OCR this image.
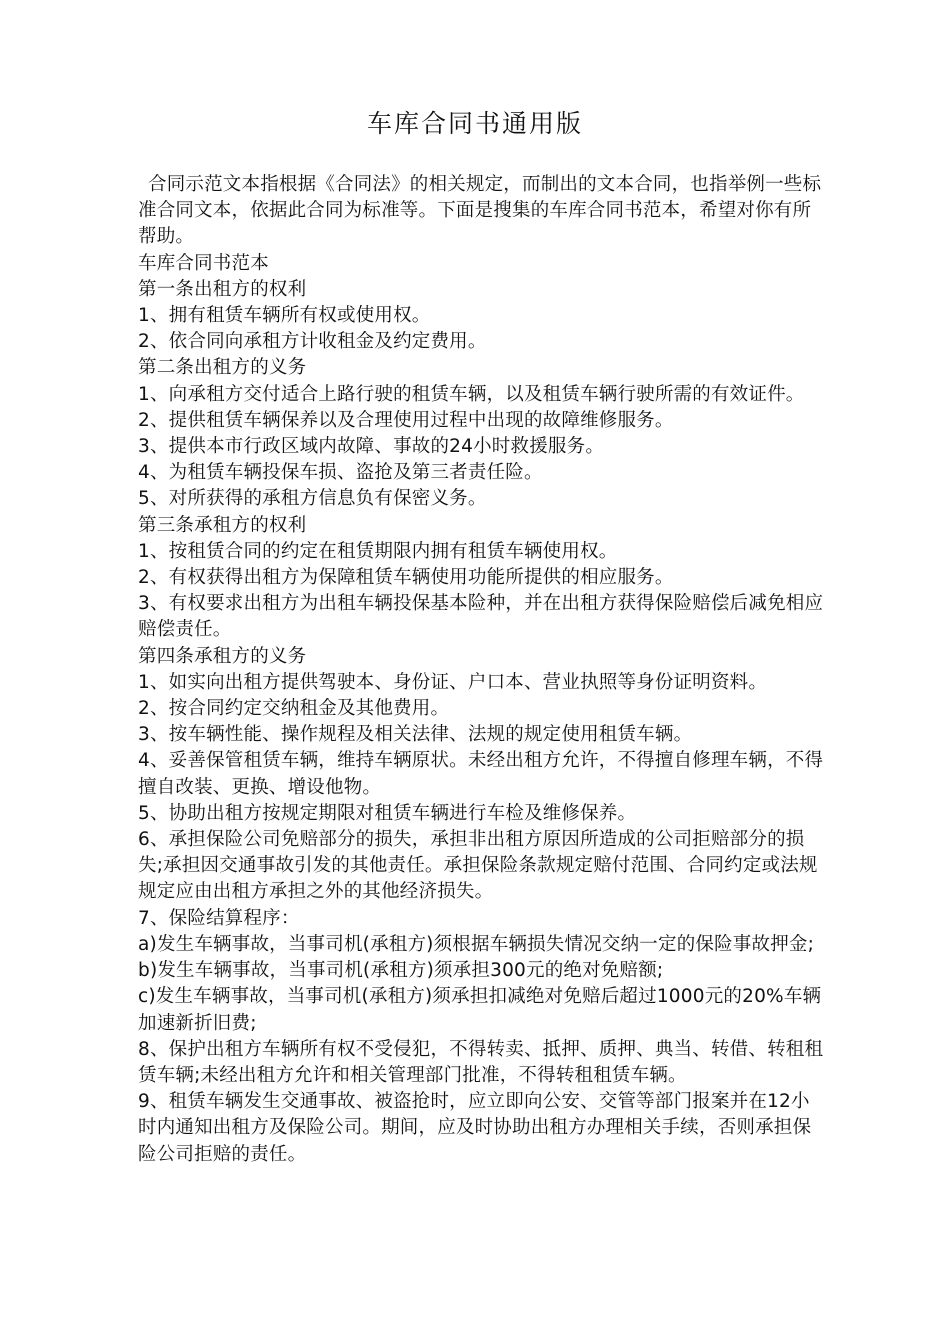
车库合同书通用版

合同示范文本指根据《合同法》的相关规定，而制出的文本合同，也指举例一些标准合同文本，依据此合同为标准等。下面是搜集的车库合同书范本，希望对你有所帮助。

车库合同书范本

第一条出租方的权利

1、拥有租赁车辆所有权或使用权。

2、依合同向承租方计收租金及约定费用。

第二条出租方的义务

1、向承租方交付适合上路行驶的租赁车辆，以及租赁车辆行驶所需的有效证件。

2、提供租赁车辆保养以及合理使用过程中出现的故障维修服务。

3、提供本市行政区域内故障、事故的24小时救援服务。

4、为租赁车辆投保车损、盗抢及第三者责任险。

5、对所获得的承租方信息负有保密义务。

第三条承租方的权利

1、按租赁合同的约定在租赁期限内拥有租赁车辆使用权。

2、有权获得出租方为保障租赁车辆使用功能所提供的相应服务。

3、有权要求出租方为出租车辆投保基本险种，并在出租方获得保险赔偿后减免相应赔偿责任。

第四条承租方的义务

1、如实向出租方提供驾驶本、身份证、户口本、营业执照等身份证明资料。

2、按合同约定交纳租金及其他费用。

3、按车辆性能、操作规程及相关法律、法规的规定使用租赁车辆。

4、妥善保管租赁车辆，维持车辆原状。未经出租方允许，不得擅自修理车辆，不得擅自改装、更换、增设他物。

5、协助出租方按规定期限对租赁车辆进行车检及维修保养。

6、承担保险公司免赔部分的损失，承担非出租方原因所造成的公司拒赔部分的损失;承担因交通事故引发的其他责任。承担保险条款规定赔付范围、合同约定或法规规定应由出租方承担之外的其他经济损失。

7、保险结算程序：

a)发生车辆事故，当事司机(承租方)须根据车辆损失情况交纳一定的保险事故押金;

b)发生车辆事故，当事司机(承租方)须承担300元的绝对免赔额;

c)发生车辆事故，当事司机(承租方)须承担扣减绝对免赔后超过1000元的20%车辆加速新折旧费;

8、保护出租方车辆所有权不受侵犯，不得转卖、抵押、质押、典当、转借、转租租赁车辆;未经出租方允许和相关管理部门批准，不得转租租赁车辆。

9、租赁车辆发生交通事故、被盗抢时，应立即向公安、交管等部门报案并在12小时内通知出租方及保险公司。期间，应及时协助出租方办理相关手续，否则承担保险公司拒赔的责任。
